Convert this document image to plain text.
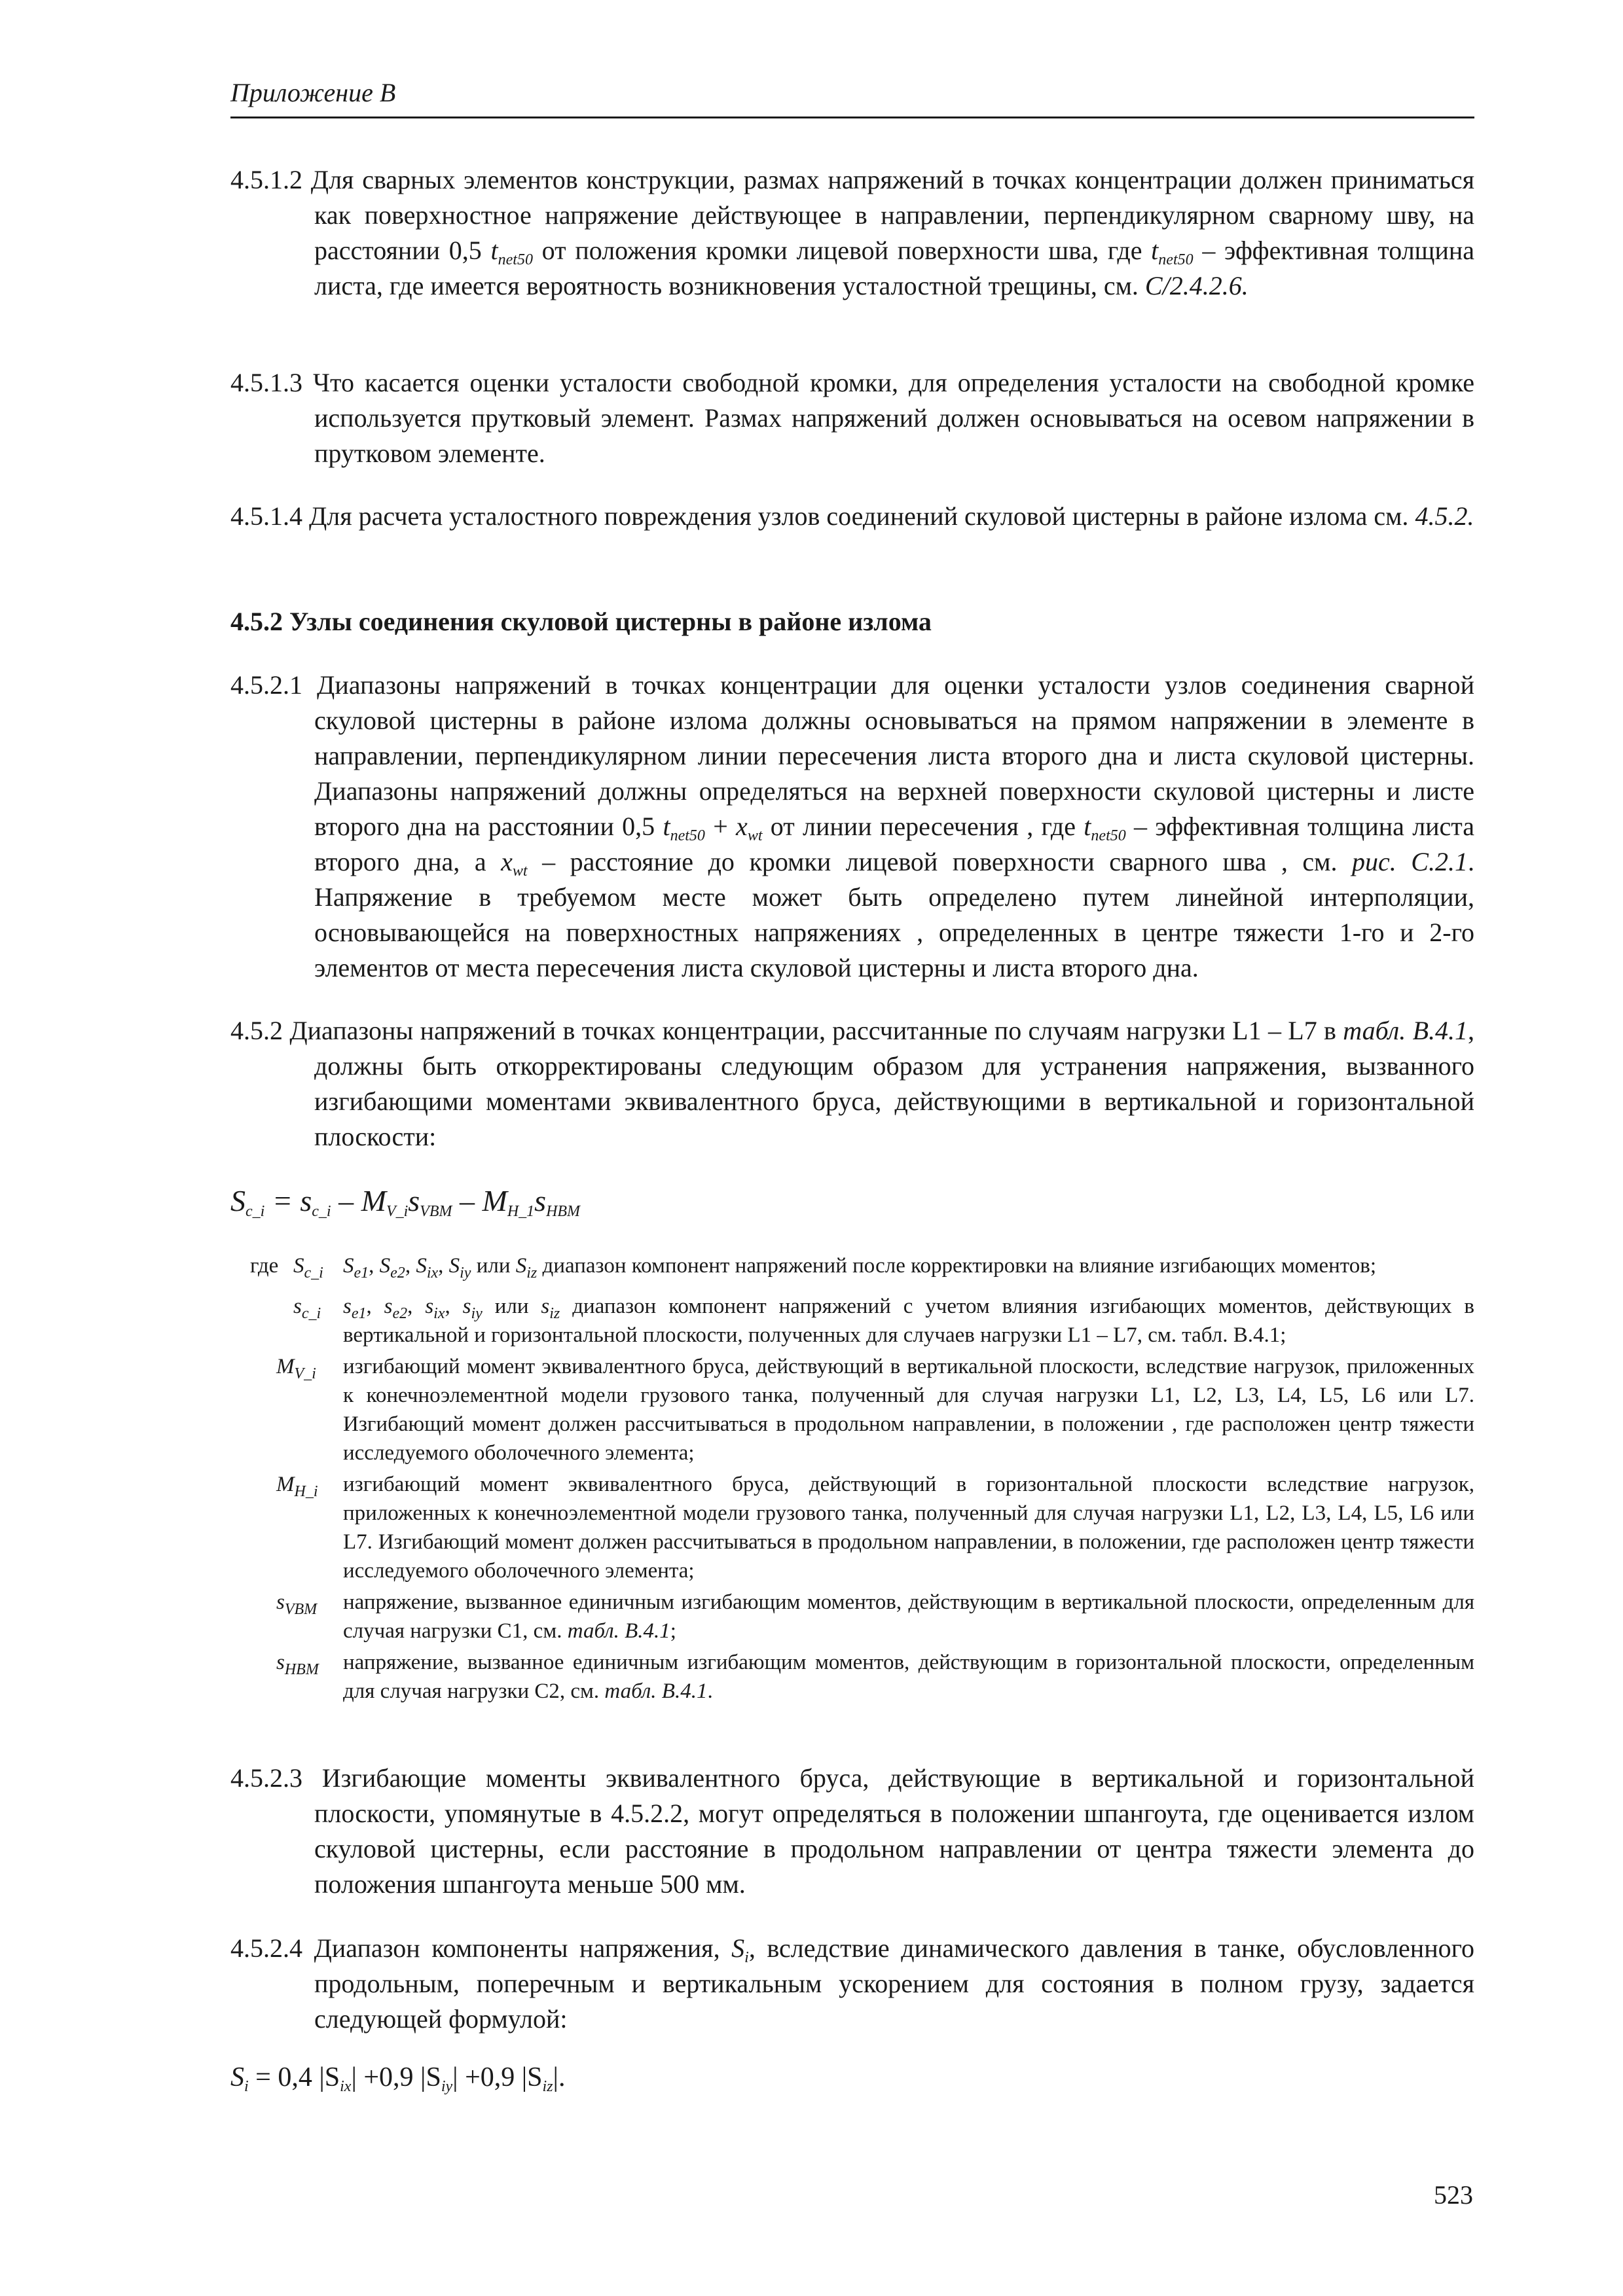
Приложение В
4.5.1.2 Для сварных элементов конструкции, размах напряжений в точках концентрации должен приниматься как поверхностное напряжение действующее в направлении, перпендикулярном сварному шву, на расстоянии 0,5 $t_{net50}$ от положения кромки лицевой поверхности шва, где $t_{net50}$ – эффективная толщина листа, где имеется вероятность возникновения усталостной трещины, см. C/2.4.2.6.
4.5.1.3 Что касается оценки усталости свободной кромки, для определения усталости на свободной кромке используется прутковый элемент. Размах напряжений должен основываться на осевом напряжении в прутковом элементе.
4.5.1.4 Для расчета усталостного повреждения узлов соединений скуловой цистерны в районе излома см. 4.5.2.
4.5.2 Узлы соединения скуловой цистерны в районе излома
4.5.2.1 Диапазоны напряжений в точках концентрации для оценки усталости узлов соединения сварной скуловой цистерны в районе излома должны основываться на прямом напряжении в элементе в направлении, перпендикулярном линии пересечения листа второго дна и листа скуловой цистерны. Диапазоны напряжений должны определяться на верхней поверхности скуловой цистерны и листе второго дна на расстоянии 0,5 $t_{net50} + x_{wt}$ от линии пересечения , где $t_{net50}$ – эффективная толщина листа второго дна, а $x_{wt}$ – расстояние до кромки лицевой поверхности сварного шва , см. рис. C.2.1. Напряжение в требуемом месте может быть определено путем линейной интерполяции, основывающейся на поверхностных напряжениях , определенных в центре тяжести 1-го и 2-го элементов от места пересечения листа скуловой цистерны и листа второго дна.
4.5.2 Диапазоны напряжений в точках концентрации, рассчитанные по случаям нагрузки L1 – L7 в табл. B.4.1, должны быть откорректированы следующим образом для устранения напряжения, вызванного изгибающими моментами эквивалентного бруса, действующими в вертикальной и горизонтальной плоскости:
$S_{c\_i} = s_{c\_i} - M_{V\_i}s_{VBM} - M_{H\_1}s_{HBM}$
где $S_{c\_i}$ $S_{e1}$, $S_{e2}$, $S_{ix}$, $S_{iy}$ или $S_{iz}$ диапазон компонент напряжений после корректировки на влияние изгибающих моментов;
$s_{c\_i}$ $s_{e1}$, $s_{e2}$, $s_{ix}$, $s_{iy}$ или $s_{iz}$ диапазон компонент напряжений с учетом влияния изгибающих моментов, действующих в вертикальной и горизонтальной плоскости, полученных для случаев нагрузки L1 – L7, см. табл. В.4.1;
$M_{V\_i}$ изгибающий момент эквивалентного бруса, действующий в вертикальной плоскости, вследствие нагрузок, приложенных к конечноэлементной модели грузового танка, полученный для случая нагрузки L1, L2, L3, L4, L5, L6 или L7. Изгибающий момент должен рассчитываться в продольном направлении, в положении , где расположен центр тяжести исследуемого оболочечного элемента;
$M_{H\_i}$ изгибающий момент эквивалентного бруса, действующий в горизонтальной плоскости вследствие нагрузок, приложенных к конечноэлементной модели грузового танка, полученный для случая нагрузки L1, L2, L3, L4, L5, L6 или L7. Изгибающий момент должен рассчитываться в продольном направлении, в положении, где расположен центр тяжести исследуемого оболочечного элемента;
$s_{VBM}$ напряжение, вызванное единичным изгибающим моментов, действующим в вертикальной плоскости, определенным для случая нагрузки C1, см. табл. B.4.1;
$s_{HBM}$ напряжение, вызванное единичным изгибающим моментов, действующим в горизонтальной плоскости, определенным для случая нагрузки C2, см. табл. B.4.1.
4.5.2.3 Изгибающие моменты эквивалентного бруса, действующие в вертикальной и горизонтальной плоскости, упомянутые в 4.5.2.2, могут определяться в положении шпангоута, где оценивается излом скуловой цистерны, если расстояние в продольном направлении от центра тяжести элемента до положения шпангоута меньше 500 мм.
4.5.2.4 Диапазон компоненты напряжения, $S_i$, вследствие динамического давления в танке, обусловленного продольным, поперечным и вертикальным ускорением для состояния в полном грузу, задается следующей формулой:
$S_i = 0,4$ $|S_{ix}| +0,9$ $|S_{iy}| +0,9$ $|S_{iz}|$.
523
